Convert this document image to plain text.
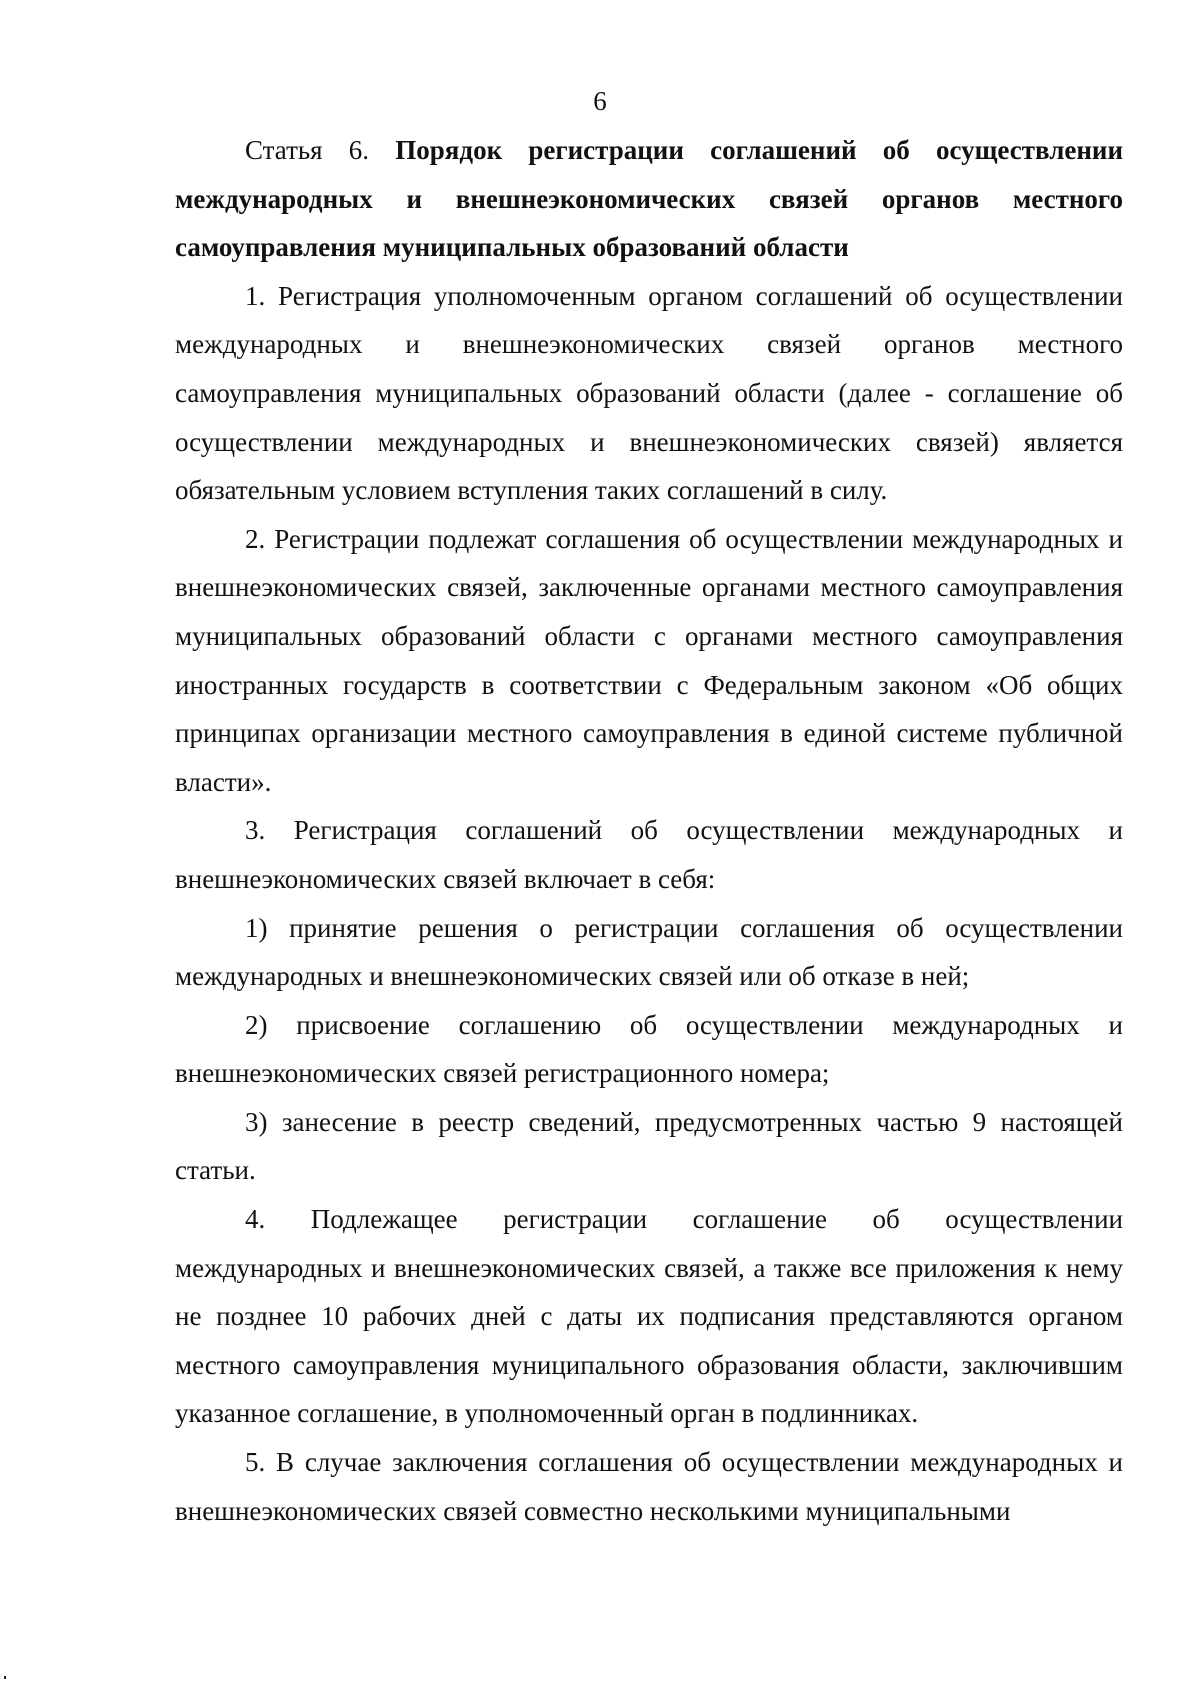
6

Статья 6. Порядок регистрации соглашений об осуществлении международных и внешнеэкономических связей органов местного самоуправления муниципальных образований области

1. Регистрация уполномоченным органом соглашений об осуществлении международных и внешнеэкономических связей органов местного самоуправления муниципальных образований области (далее - соглашение об осуществлении международных и внешнеэкономических связей) является обязательным условием вступления таких соглашений в силу.

2. Регистрации подлежат соглашения об осуществлении международных и внешнеэкономических связей, заключенные органами местного самоуправления муниципальных образований области с органами местного самоуправления иностранных государств в соответствии с Федеральным законом «Об общих принципах организации местного самоуправления в единой системе публичной власти».

3. Регистрация соглашений об осуществлении международных и внешнеэкономических связей включает в себя:

1) принятие решения о регистрации соглашения об осуществлении международных и внешнеэкономических связей или об отказе в ней;

2) присвоение соглашению об осуществлении международных и внешнеэкономических связей регистрационного номера;

3) занесение в реестр сведений, предусмотренных частью 9 настоящей статьи.

4. Подлежащее регистрации соглашение об осуществлении международных и внешнеэкономических связей, а также все приложения к нему не позднее 10 рабочих дней с даты их подписания представляются органом местного самоуправления муниципального образования области, заключившим указанное соглашение, в уполномоченный орган в подлинниках.

5. В случае заключения соглашения об осуществлении международных и внешнеэкономических связей совместно несколькими муниципальными
